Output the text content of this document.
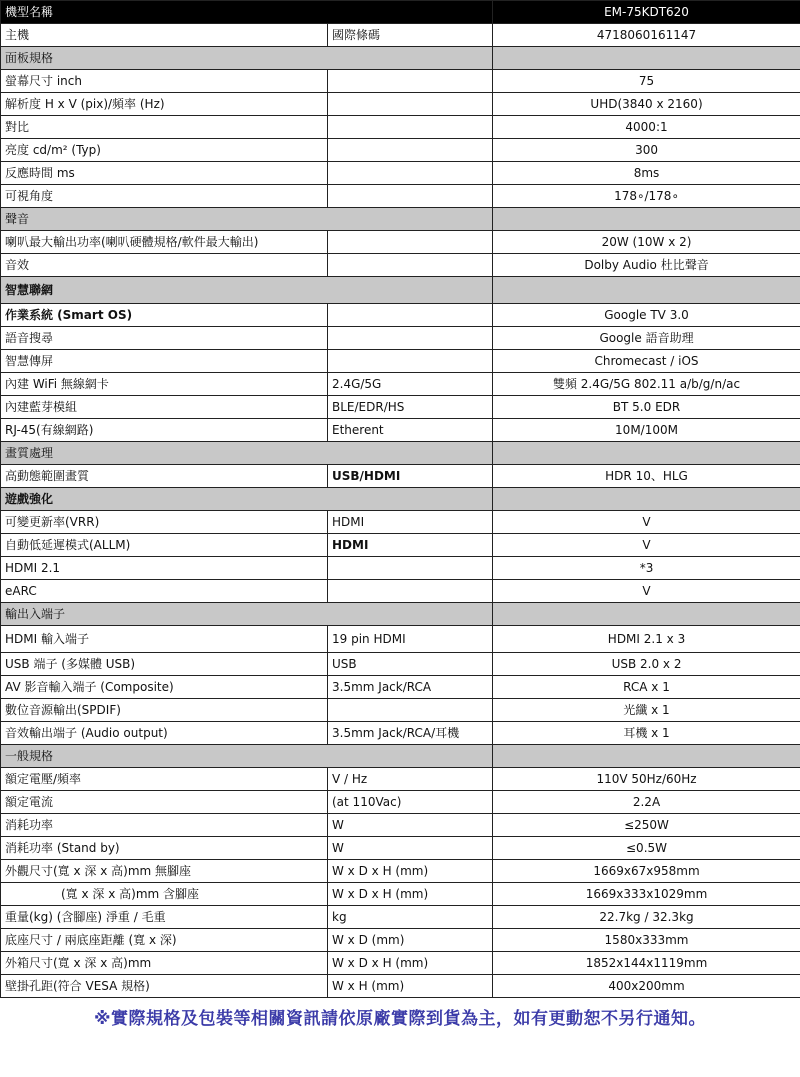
機型名稱		EM-75KDT620
主機	國際條碼	4718060161147
面板規格		
螢幕尺寸 inch		75
解析度 H x V (pix)/頻率 (Hz)		UHD(3840 x 2160)
對比		4000:1
亮度 cd/m² (Typ)		300
反應時間 ms		8ms
可視角度		178∘/178∘
聲音		
喇叭最大輸出功率(喇叭硬體規格/軟件最大輸出)		20W (10W x 2)
音效		Dolby Audio 杜比聲音
智慧聯網		
作業系統 (Smart OS)		Google TV 3.0
語音搜尋		Google 語音助理
智慧傳屏		Chromecast / iOS
內建 WiFi 無線網卡	2.4G/5G	雙頻 2.4G/5G 802.11 a/b/g/n/ac
內建藍芽模組	BLE/EDR/HS	BT 5.0 EDR
RJ-45(有線網路)	Etherent	10M/100M
畫質處理		
高動態範圍畫質	USB/HDMI	HDR 10、HLG
遊戲強化		
可變更新率(VRR)	HDMI	V
自動低延遲模式(ALLM)	HDMI	V
HDMI 2.1		*3
eARC		V
輸出入端子		
HDMI 輸入端子	19 pin HDMI	HDMI 2.1 x 3
USB 端子 (多媒體 USB)	USB	USB 2.0 x 2
AV 影音輸入端子 (Composite)	3.5mm Jack/RCA	RCA x 1
數位音源輸出(SPDIF)		光纖 x 1
音效輸出端子 (Audio output)	3.5mm Jack/RCA/耳機	耳機 x 1
一般規格		
額定電壓/頻率	V / Hz	110V 50Hz/60Hz
額定電流	(at 110Vac)	2.2A
消耗功率	W	≤250W
消耗功率 (Stand by)	W	≤0.5W
外觀尺寸(寬 x 深 x 高)mm 無腳座	W x D x H (mm)	1669x67x958mm
(寬 x 深 x 高)mm 含腳座	W x D x H (mm)	1669x333x1029mm
重量(kg) (含腳座) 淨重 / 毛重	kg	22.7kg / 32.3kg
底座尺寸 / 兩底座距離 (寬 x 深)	W x D (mm)	1580x333mm
外箱尺寸(寬 x 深 x 高)mm	W x D x H (mm)	1852x144x1119mm
壁掛孔距(符合 VESA 規格)	W x H (mm)	400x200mm
※實際規格及包裝等相關資訊請依原廠實際到貨為主，如有更動恕不另行通知。
